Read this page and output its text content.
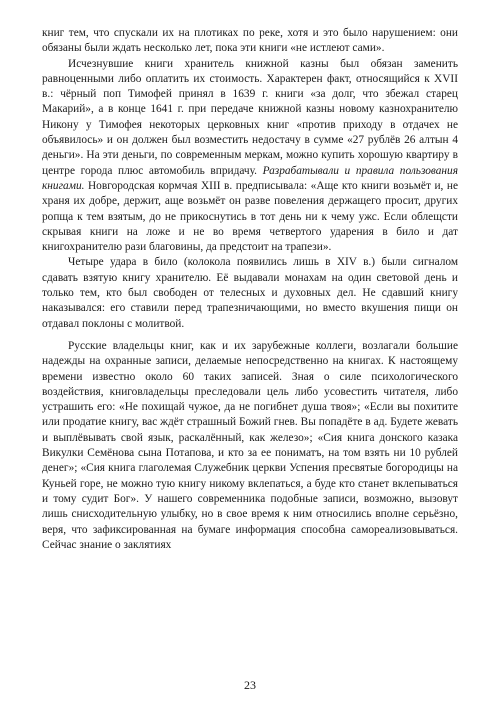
книг тем, что спускали их на плотиках по реке, хотя и это было нарушением: они обязаны были ждать несколько лет, пока эти книги «не истлеют сами».

Исчезнувшие книги хранитель книжной казны был обязан заменить равноценными либо оплатить их стоимость. Характерен факт, относящийся к XVII в.: чёрный поп Тимофей принял в 1639 г. книги «за долг, что збежал старец Макарий», а в конце 1641 г. при передаче книжной казны новому казнохранителю Никону у Тимофея некоторых церковных книг «против приходу в отдачех не объявилось» и он должен был возместить недостачу в сумме «27 рублёв 26 алтын 4 деньги». На эти деньги, по современным меркам, можно купить хорошую квартиру в центре города плюс автомобиль впридачу. Разрабатывали и правила пользования книгами. Новгородская кормчая XIII в. предписывала: «Аще кто книги возьмёт и, не храня их добре, держит, аще возьмёт он разве повеления держащего просит, других ропща к тем взятым, до не прикоснутись в тот день ни к чему ужс. Если облещсти скрывая книги на ложе и не во время четвертого ударения в било и дат книгохранителю рази благовины, да предстоит на трапези».

Четыре удара в било (колокола появились лишь в XIV в.) были сигналом сдавать взятую книгу хранителю. Её выдавали монахам на один световой день и только тем, кто был свободен от телесных и духовных дел. Не сдавший книгу наказывался: его ставили перед трапезничающими, но вместо вкушения пищи он отдавал поклоны с молитвой.

Русские владельцы книг, как и их зарубежные коллеги, возлагали большие надежды на охранные записи, делаемые непосредственно на книгах. К настоящему времени известно около 60 таких записей. Зная о силе психологического воздействия, книговладельцы преследовали цель либо усовестить читателя, либо устрашить его: «Не похищай чужое, да не погибнет душа твоя»; «Если вы похитите или продатие книгу, вас ждёт страшный Божий гнев. Вы попадёте в ад. Будете жевать и выплёвывать свой язык, раскалённый, как железо»; «Сия книга донского казака Викулки Семёнова сына Потапова, и кто за ее пониматъ, на том взять ни 10 рублей денег»; «Сия книга глаголемая Служебник церкви Успения пресвятые богородицы на Куньей горе, не можно тую книгу никому вклепаться, а буде кто станет вклепываться и тому судит Бог». У нашего современника подобные записи, возможно, вызовут лишь снисходительную улыбку, но в свое время к ним относились вполне серьёзно, веря, что зафиксированная на бумаге информация способна самореализовываться. Сейчас знание о заклятиях

23
